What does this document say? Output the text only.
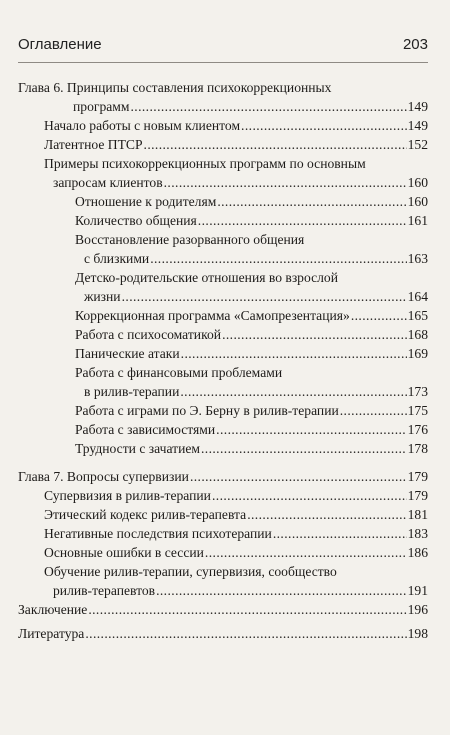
Оглавление	203
Глава 6. Принципы составления психокоррекционных
программ .....	149
Начало работы с новым клиентом .....	149
Латентное ПТСР .....	152
Примеры психокоррекционных программ по основным
запросам клиентов .....	160
Отношение к родителям .....	160
Количество общения .....	161
Восстановление разорванного общения
с близкими .....	163
Детско-родительские отношения во взрослой
жизни .....	164
Коррекционная программа «Самопрезентация» .....	165
Работа с психосоматикой .....	168
Панические атаки .....	169
Работа с финансовыми проблемами
в рилив-терапии .....	173
Работа с играми по Э. Берну в рилив-терапии .....	175
Работа с зависимостями .....	176
Трудности с зачатием .....	178
Глава 7. Вопросы супервизии .....	179
Супервизия в рилив-терапии .....	179
Этический кодекс рилив-терапевта .....	181
Негативные последствия психотерапии .....	183
Основные ошибки в сессии .....	186
Обучение рилив-терапии, супервизия, сообщество
рилив-терапевтов .....	191
Заключение .....	196
Литература .....	198
